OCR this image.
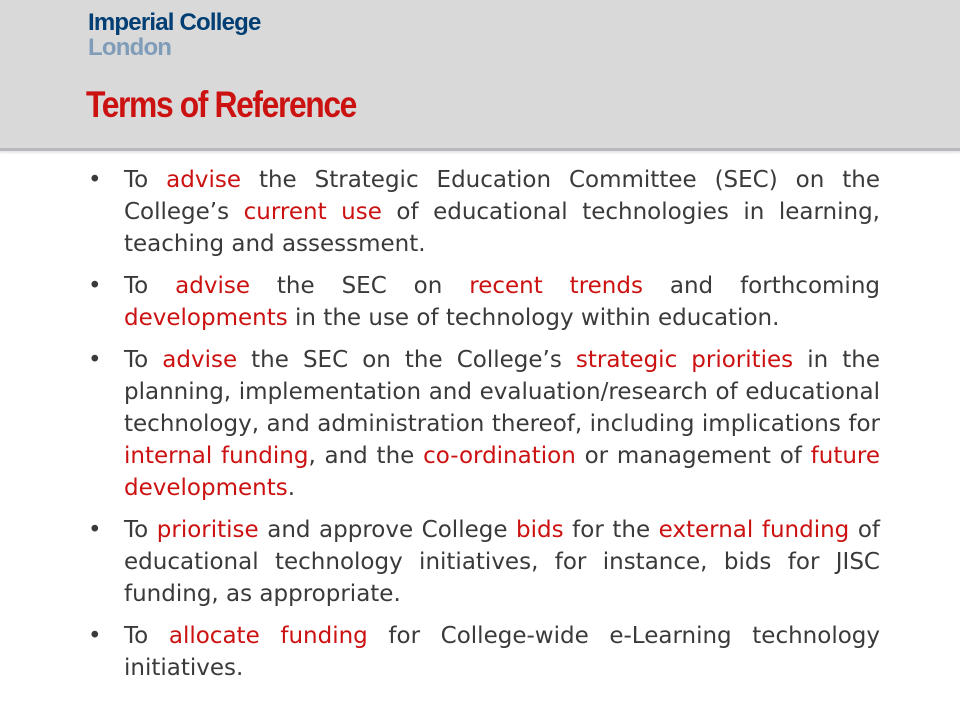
Imperial College
London
Terms of Reference
• To advise the Strategic Education Committee (SEC) on the College’s current use of educational technologies in learning, teaching and assessment.
• To advise the SEC on recent trends and forthcoming developments in the use of technology within education.
• To advise the SEC on the College’s strategic priorities in the planning, implementation and evaluation/research of educational technology, and administration thereof, including implications for internal funding, and the co-ordination or management of future developments.
• To prioritise and approve College bids for the external funding of educational technology initiatives, for instance, bids for JISC funding, as appropriate.
• To allocate funding for College-wide e-Learning technology initiatives.
